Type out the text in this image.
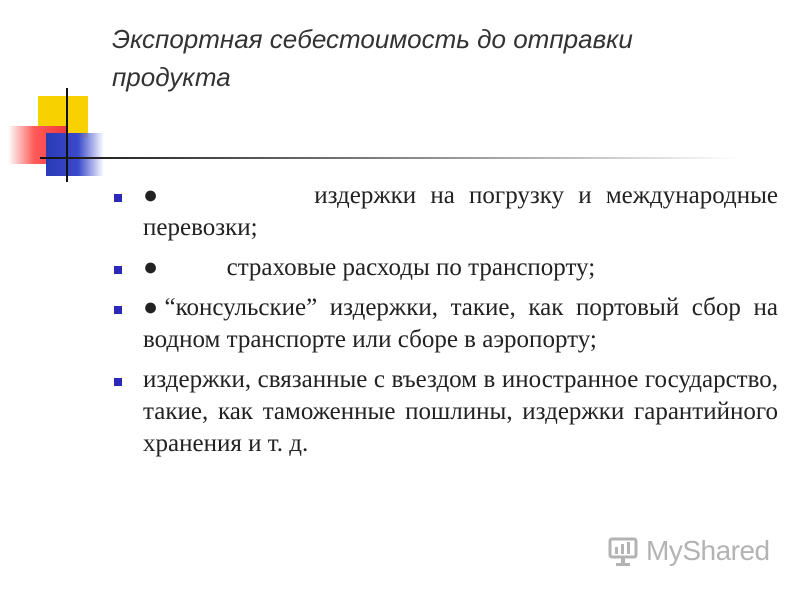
Экспортная себестоимость до отправки продукта
●          издержки на погрузку и международные перевозки;
●          страховые расходы по транспорту;
●“консульские” издержки, такие, как портовый сбор на водном транспорте или сборе в аэропорту;
издержки, связанные с въездом в иностранное государство, такие, как таможенные пошлины, издержки гарантийного хранения и т. д.
MyShared
